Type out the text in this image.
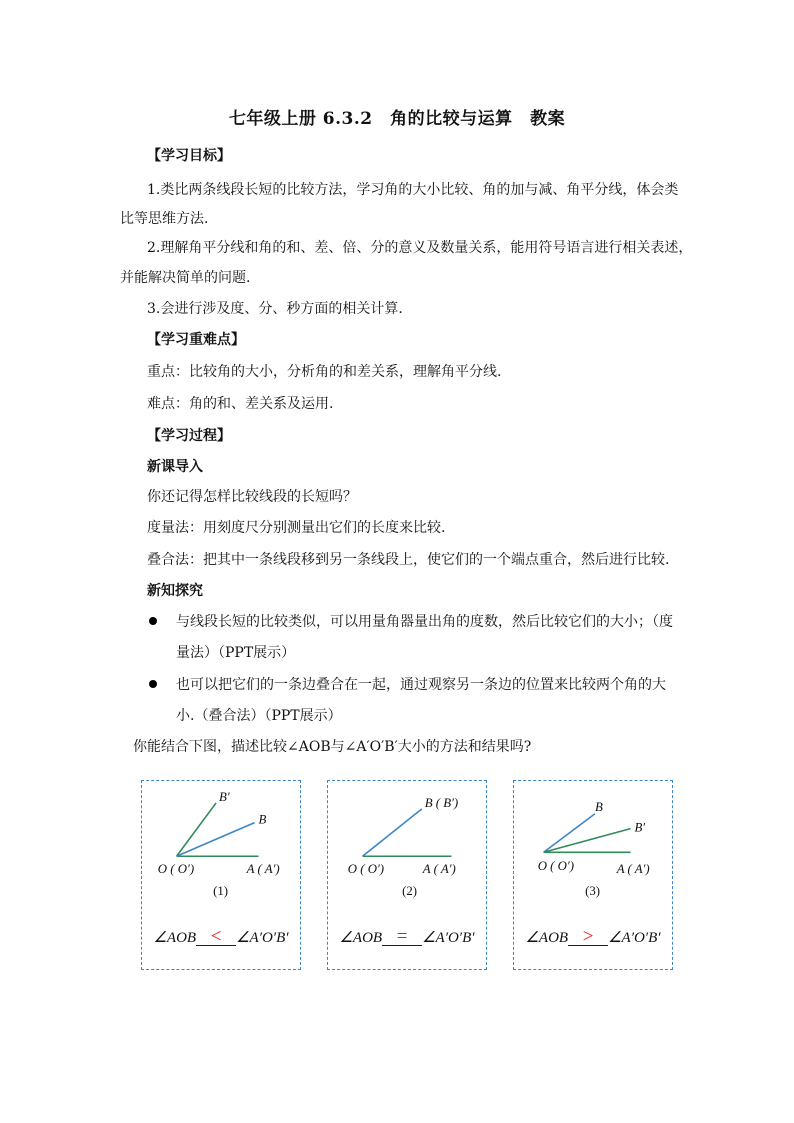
七年级上册 6.3.2　角的比较与运算　教案
【学习目标】
1.类比两条线段长短的比较方法，学习角的大小比较、角的加与减、角平分线，体会类
比等思维方法.
2.理解角平分线和角的和、差、倍、分的意义及数量关系，能用符号语言进行相关表述，
并能解决简单的问题.
3.会进行涉及度、分、秒方面的相关计算.
【学习重难点】
重点：比较角的大小，分析角的和差关系，理解角平分线.
难点：角的和、差关系及运用.
【学习过程】
新课导入
你还记得怎样比较线段的长短吗？
度量法：用刻度尺分别测量出它们的长度来比较.
叠合法：把其中一条线段移到另一条线段上，使它们的一个端点重合，然后进行比较.
新知探究
与线段长短的比较类似，可以用量角器量出角的度数，然后比较它们的大小；（度
量法）（PPT展示）
也可以把它们的一条边叠合在一起，通过观察另一条边的位置来比较两个角的大
小.（叠合法）（PPT展示）
你能结合下图，描述比较∠AOB与∠A′O′B′大小的方法和结果吗?
B′
B
O ( O′)	A ( A′)
(1)
∠AOB < ∠A′O′B′
B ( B′)
O ( O′)	A ( A′)
(2)
∠AOB = ∠A′O′B′
B
B′
O ( O′)	A ( A′)
(3)
∠AOB > ∠A′O′B′
